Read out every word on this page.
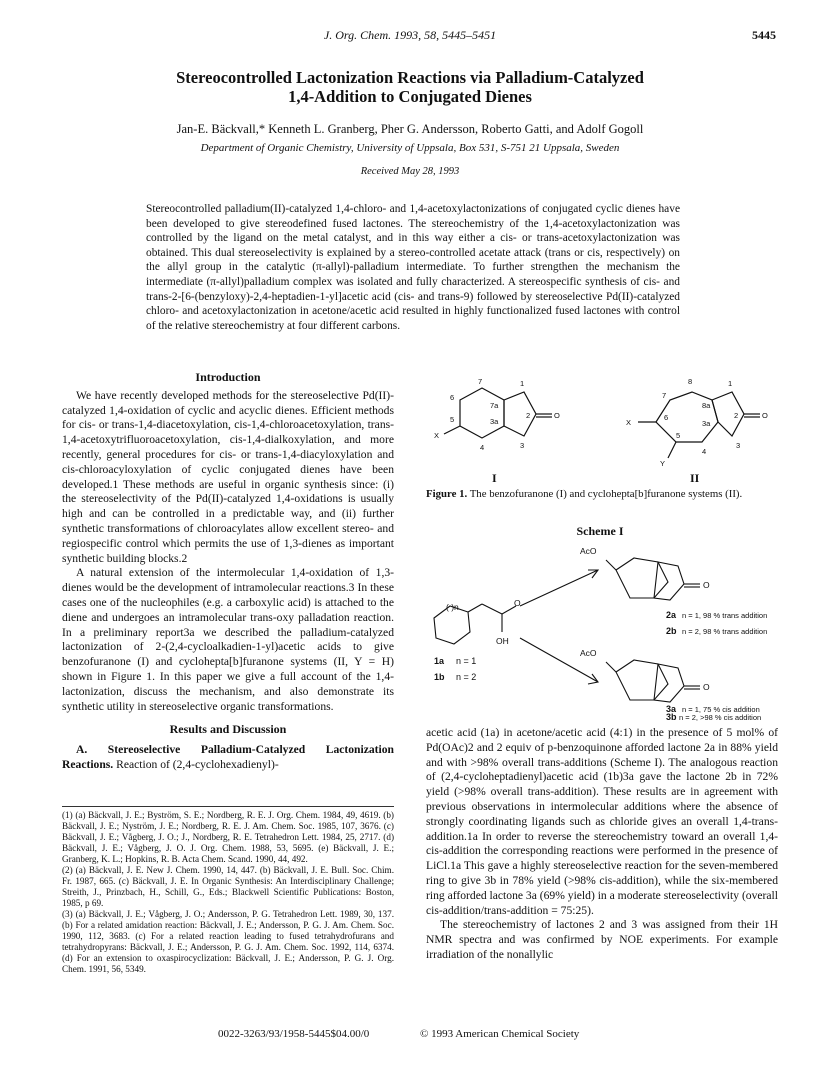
J. Org. Chem. 1993, 58, 5445–5451	5445
Stereocontrolled Lactonization Reactions via Palladium-Catalyzed
1,4-Addition to Conjugated Dienes
Jan-E. Bäckvall,* Kenneth L. Granberg, Pher G. Andersson, Roberto Gatti, and Adolf Gogoll
Department of Organic Chemistry, University of Uppsala, Box 531, S-751 21 Uppsala, Sweden
Received May 28, 1993

Stereocontrolled palladium(II)-catalyzed 1,4-chloro- and 1,4-acetoxylactonizations of conjugated cyclic dienes have been developed to give stereodefined fused lactones. The stereochemistry of the 1,4-acetoxylactonization was controlled by the ligand on the metal catalyst, and in this way either a cis- or trans-acetoxylactonization was obtained. This dual stereoselectivity is explained by a stereo-controlled acetate attack (trans or cis, respectively) on the allyl group in the catalytic (π-allyl)-palladium intermediate. To further strengthen the mechanism the intermediate (π-allyl)palladium complex was isolated and fully characterized. A stereospecific synthesis of cis- and trans-2-[6-(benzyloxy)-2,4-heptadien-1-yl]acetic acid (cis- and trans-9) followed by stereoselective Pd(II)-catalyzed chloro- and acetoxylactonization in acetone/acetic acid resulted in highly functionalized fused lactones with control of the relative stereochemistry at four different carbons.

Introduction

We have recently developed methods for the stereoselective Pd(II)-catalyzed 1,4-oxidation of cyclic and acyclic dienes. Efficient methods for cis- or trans-1,4-diacetoxylation, cis-1,4-chloroacetoxylation, trans-1,4-acetoxytrifluoroacetoxylation, cis-1,4-dialkoxylation, and more recently, general procedures for cis- or trans-1,4-diacyloxylation and cis-chloroacyloxylation of cyclic conjugated dienes have been developed.1 These methods are useful in organic synthesis since: (i) the stereoselectivity of the Pd(II)-catalyzed 1,4-oxidations is usually high and can be controlled in a predictable way, and (ii) further synthetic transformations of chloroacylates allow excellent stereo- and regiospecific control which permits the use of 1,3-dienes as important synthetic building blocks.2

A natural extension of the intermolecular 1,4-oxidation of 1,3-dienes would be the development of intramolecular reactions.3 In these cases one of the nucleophiles (e.g. a carboxylic acid) is attached to the diene and undergoes an intramolecular trans-oxy palladation reaction. In a preliminary report3a we described the palladium-catalyzed lactonization of 2-(2,4-cycloalkadien-1-yl)acetic acids to give benzofuranone (I) and cyclohepta[b]furanone systems (II, Y = H) shown in Figure 1. In this paper we give a full account of the 1,4-lactonization, discuss the mechanism, and also demonstrate its synthetic utility in stereoselective organic transformations.

Results and Discussion

A. Stereoselective Palladium-Catalyzed Lactonization Reactions. Reaction of (2,4-cyclohexadienyl)-

(1) (a) Bäckvall, J. E.; Byström, S. E.; Nordberg, R. E. J. Org. Chem. 1984, 49, 4619. (b) Bäckvall, J. E.; Nyström, J. E.; Nordberg, R. E. J. Am. Chem. Soc. 1985, 107, 3676. (c) Bäckvall, J. E.; Vågberg, J. O.; J., Nordberg, R. E. Tetrahedron Lett. 1984, 25, 2717. (d) Bäckvall, J. E.; Vågberg, J. O. J. Org. Chem. 1988, 53, 5695. (e) Bäckvall, J. E.; Granberg, K. L.; Hopkins, R. B. Acta Chem. Scand. 1990, 44, 492.

(2) (a) Bäckvall, J. E. New J. Chem. 1990, 14, 447. (b) Bäckvall, J. E. Bull. Soc. Chim. Fr. 1987, 665. (c) Bäckvall, J. E. In Organic Synthesis: An Interdisciplinary Challenge; Streith, J., Prinzbach, H., Schill, G., Eds.; Blackwell Scientific Publications: Boston, 1985, p 69.

(3) (a) Bäckvall, J. E.; Vågberg, J. O.; Andersson, P. G. Tetrahedron Lett. 1989, 30, 137. (b) For a related amidation reaction: Bäckvall, J. E.; Andersson, P. G. J. Am. Chem. Soc. 1990, 112, 3683. (c) For a related reaction leading to fused tetrahydrofurans and tetrahydropyrans: Bäckvall, J. E.; Andersson, P. G. J. Am. Chem. Soc. 1992, 114, 6374. (d) For an extension to oxaspirocyclization: Bäckvall, J. E.; Andersson, P. G. J. Org. Chem. 1991, 56, 5349.

7	1
6
7a
5	3a
4	3
2	O
X
8
7
1
8a
X
6
3a
2	O
5
4
3
Y
I	II
Figure 1. The benzofuranone (I) and cyclohepta[b]furanone systems (II).
Scheme I
( )n	O
OH
AcO
O
AcO
O
1a n = 1
1b n = 2
2a n = 1, 98 % trans addition
2b n = 2, 98 % trans addition
3a n = 1, 75 % cis addition
3b n = 2, >98 % cis addition

acetic acid (1a) in acetone/acetic acid (4:1) in the presence of 5 mol% of Pd(OAc)2 and 2 equiv of p-benzoquinone afforded lactone 2a in 88% yield and with >98% overall trans-additions (Scheme I). The analogous reaction of (2,4-cycloheptadienyl)acetic acid (1b)3a gave the lactone 2b in 72% yield (>98% overall trans-addition). These results are in agreement with previous observations in intermolecular additions where the absence of strongly coordinating ligands such as chloride gives an overall 1,4-trans-addition.1a In order to reverse the stereochemistry toward an overall 1,4-cis-addition the corresponding reactions were performed in the presence of LiCl.1a This gave a highly stereoselective reaction for the seven-membered ring to give 3b in 78% yield (>98% cis-addition), while the six-membered ring afforded lactone 3a (69% yield) in a moderate stereoselectivity (overall cis-addition/trans-addition = 75:25).

The stereochemistry of lactones 2 and 3 was assigned from their 1H NMR spectra and was confirmed by NOE experiments. For example irradiation of the nonallylic

0022-3263/93/1958-5445$04.00/0	© 1993 American Chemical Society
